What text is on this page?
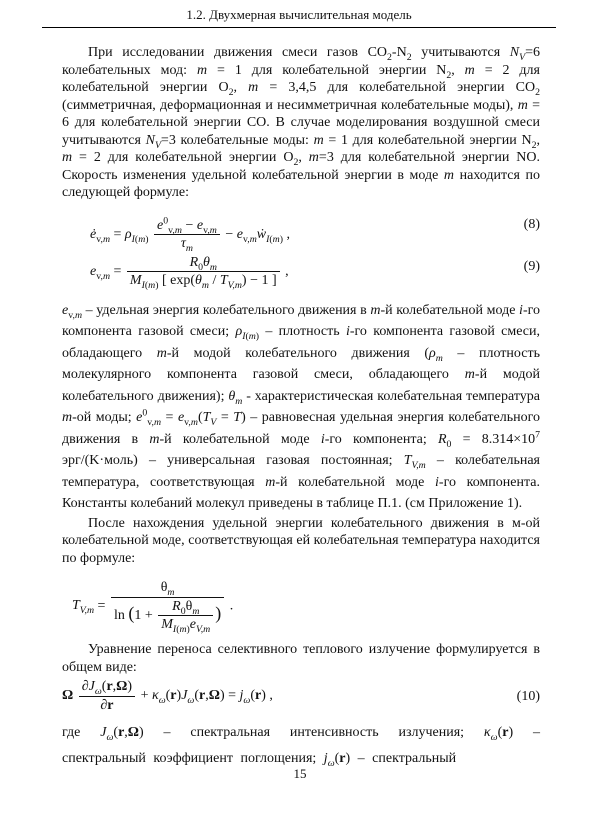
1.2. Двухмерная вычислительная модель

При исследовании движения смеси газов $CO_2-N_2$ учитываются $N_V=6$ колебательных мод: m = 1 для колебательной энергии $N_2$, m = 2 для колебательной энергии $O_2$, m = 3,4,5 для колебательной энергии $CO_2$ (симметричная, деформационная и несимметричная колебательные моды), m = 6 для колебательной энергии CO. В случае моделирования воздушной смеси учитываются $N_V=3$ колебательные моды: m = 1 для колебательной энергии $N_2$, m = 2 для колебательной энергии $O_2$, m=3 для колебательной энергии NO. Скорость изменения удельной колебательной энергии в моде m находится по следующей формуле:

$ė_{v,m} = \rho_{I(m)} \frac{e^0_{v,m} - e_{v,m}}{\tau_m}$ − $e_{v,m}ẇ_{I(m)}$ ,
(8)
$e_{v,m} = \frac{R_0\theta_m}{M_{I(m)} [ \exp(\theta_m / T_{V,m}) - 1 ]}$ ,	(9)

$e_{v,m}$ – удельная энергия колебательного движения в m-й колебательной моде i-го компонента газовой смеси; $\rho_{I(m)}$ – плотность i-го компонента газовой смеси, обладающего m-й модой колебательного движения ($\rho_m$ – плотность молекулярного компонента газовой смеси, обладающего m-й модой колебательного движения); $\theta_m$ - характеристическая колебательная температура m-ой моды; $e^0_{v,m} = e_{v,m}(T_V = T)$ – равновесная удельная энергия колебательного движения в m-й колебательной моде i-го компонента; $R_0 = 8.314\times 10^7$ эрг/(K·моль) – универсальная газовая постоянная; $T_{V,m}$ – колебательная температура, соответствующая m-й колебательной моде i-го компонента. Константы колебаний молекул приведены в таблице П.1. (см Приложение 1).

После нахождения удельной энергии колебательного движения в м-ой колебательной моде, соответствующая ей колебательная температура находится по формуле:

$T_{V,m} = \frac{\theta_m}{\ln (1 + \frac{R_0\theta_m}{M_{I(m)}e_{V,m}} )}$ .

Уравнение переноса селективного теплового излучение формулируется в общем виде:

Ω $\frac{\partial J_\omega(r,\Omega)}{\partial r} + \kappa_\omega(r)J_\omega(r,\Omega) = j_\omega(r)$ ,	(10)

где $J_\omega(r,\Omega)$ – спектральная интенсивность излучения; $\kappa_\omega(r)$ – спектральный коэффициент поглощения; $j_\omega(r)$ – спектральный

15
